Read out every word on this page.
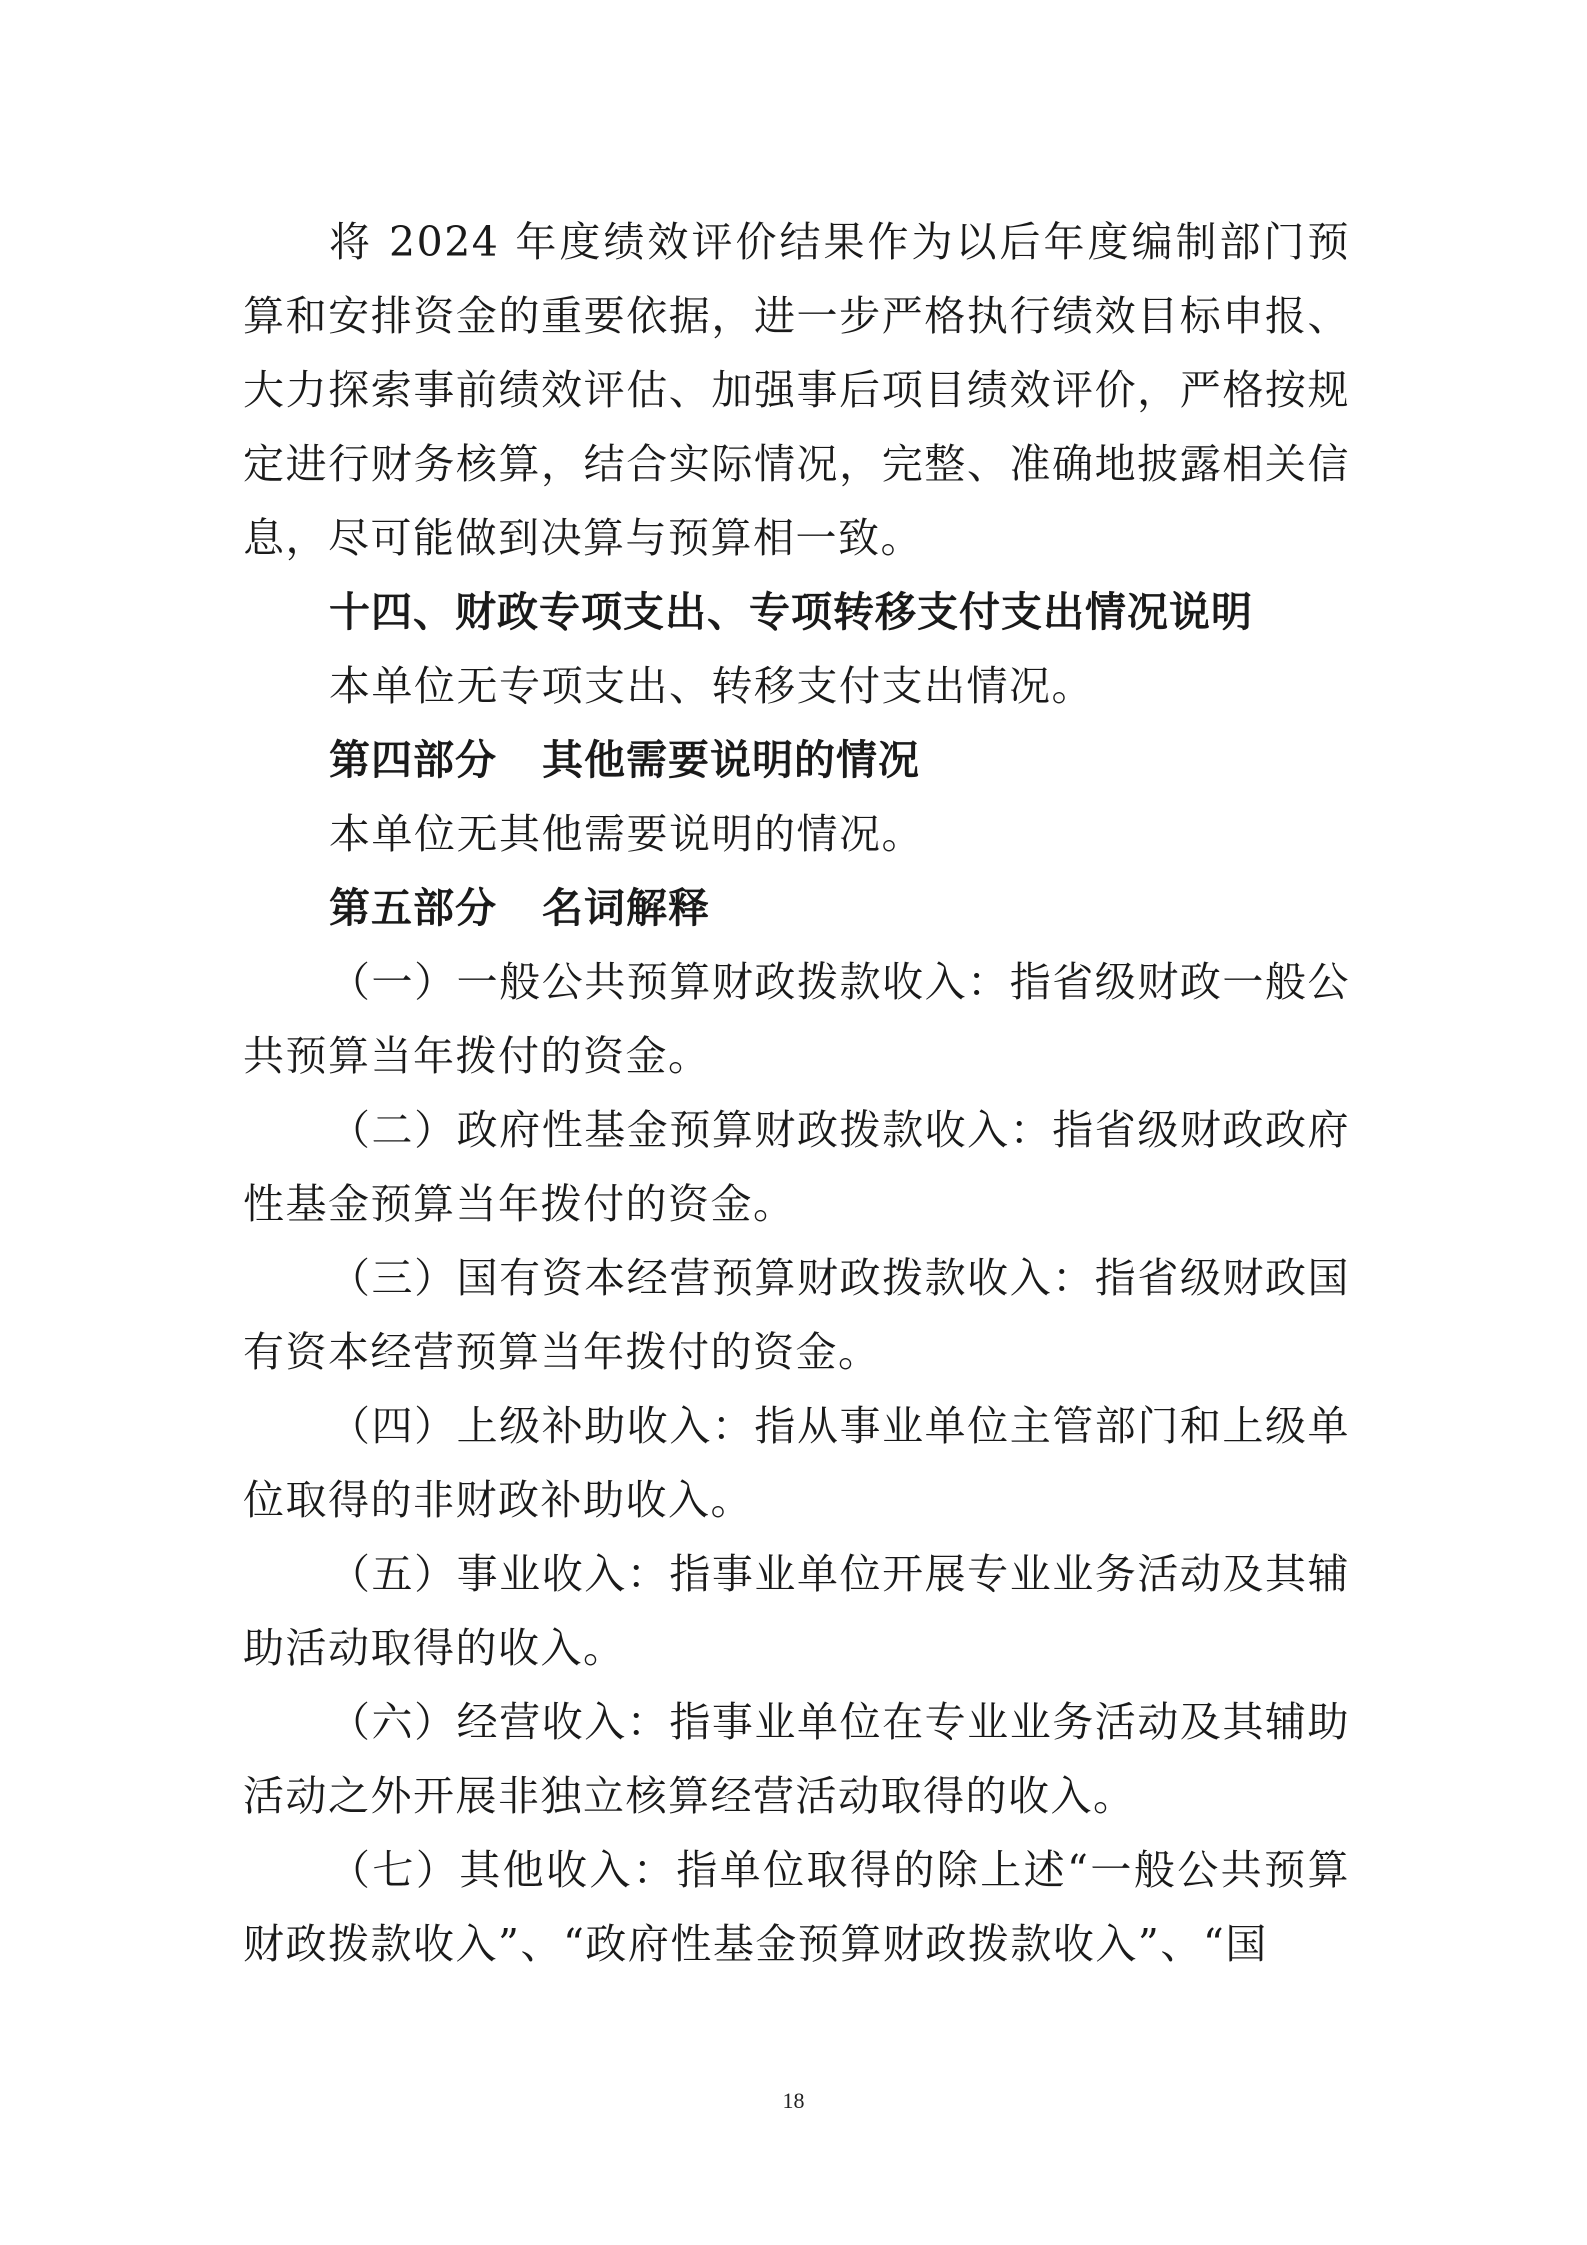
将 2024 年度绩效评价结果作为以后年度编制部门预算和安排资金的重要依据，进一步严格执行绩效目标申报、大力探索事前绩效评估、加强事后项目绩效评价，严格按规定进行财务核算，结合实际情况，完整、准确地披露相关信息，尽可能做到决算与预算相一致。

十四、财政专项支出、专项转移支付支出情况说明

本单位无专项支出、转移支付支出情况。

第四部分 其他需要说明的情况

本单位无其他需要说明的情况。

第五部分 名词解释

（一）一般公共预算财政拨款收入：指省级财政一般公共预算当年拨付的资金。

（二）政府性基金预算财政拨款收入：指省级财政政府性基金预算当年拨付的资金。

（三）国有资本经营预算财政拨款收入：指省级财政国有资本经营预算当年拨付的资金。

（四）上级补助收入：指从事业单位主管部门和上级单位取得的非财政补助收入。

（五）事业收入：指事业单位开展专业业务活动及其辅助活动取得的收入。

（六）经营收入：指事业单位在专业业务活动及其辅助活动之外开展非独立核算经营活动取得的收入。

（七）其他收入：指单位取得的除上述“一般公共预算财政拨款收入”、“政府性基金预算财政拨款收入”、“国

18
